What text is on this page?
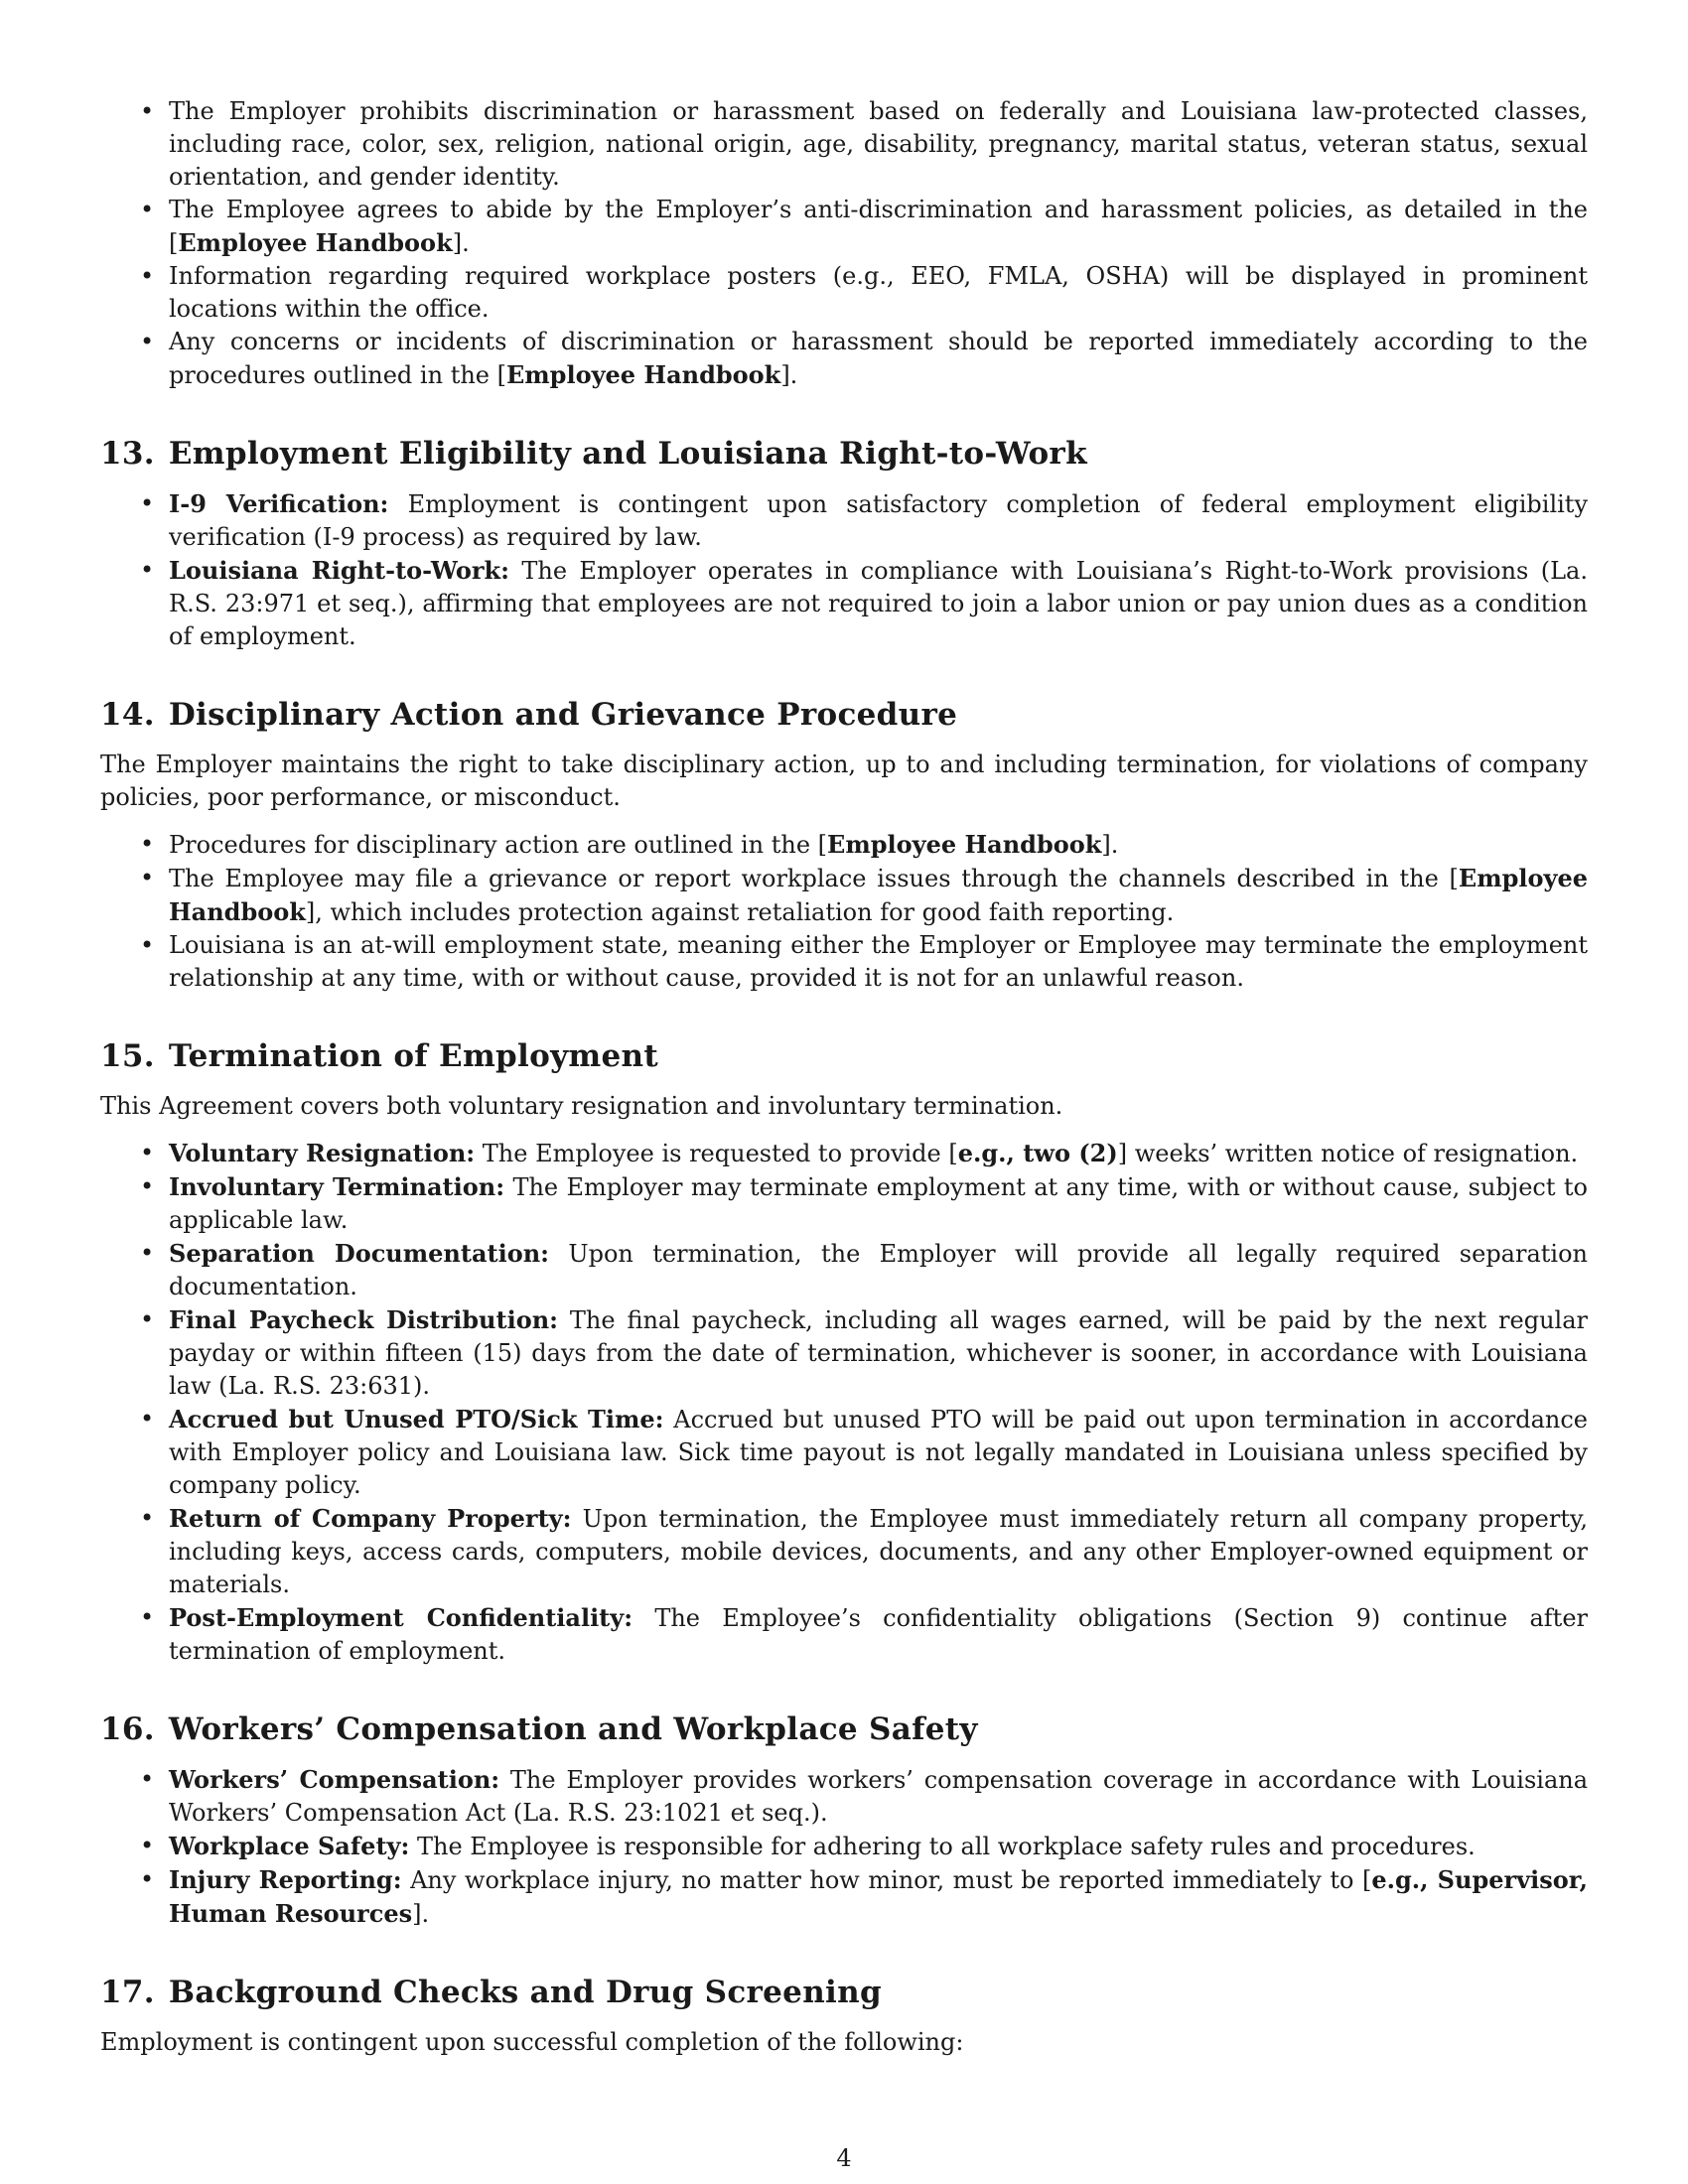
• The Employer prohibits discrimination or harassment based on federally and Louisiana law-protected classes, including race, color, sex, religion, national origin, age, disability, pregnancy, marital status, veteran status, sexual orientation, and gender identity.
• The Employee agrees to abide by the Employer’s anti-discrimination and harassment policies, as detailed in the [Employee Handbook].
• Information regarding required workplace posters (e.g., EEO, FMLA, OSHA) will be displayed in prominent locations within the office.
• Any concerns or incidents of discrimination or harassment should be reported immediately according to the procedures outlined in the [Employee Handbook].
13. Employment Eligibility and Louisiana Right-to-Work
• I-9 Verification: Employment is contingent upon satisfactory completion of federal employment eligibility verification (I-9 process) as required by law.
• Louisiana Right-to-Work: The Employer operates in compliance with Louisiana’s Right-to-Work provisions (La. R.S. 23:971 et seq.), affirming that employees are not required to join a labor union or pay union dues as a condition of employment.
14. Disciplinary Action and Grievance Procedure

The Employer maintains the right to take disciplinary action, up to and including termination, for violations of company policies, poor performance, or misconduct.

• Procedures for disciplinary action are outlined in the [Employee Handbook].
• The Employee may file a grievance or report workplace issues through the channels described in the [Employee Handbook], which includes protection against retaliation for good faith reporting.
• Louisiana is an at-will employment state, meaning either the Employer or Employee may terminate the employment relationship at any time, with or without cause, provided it is not for an unlawful reason.
15. Termination of Employment

This Agreement covers both voluntary resignation and involuntary termination.

• Voluntary Resignation: The Employee is requested to provide [e.g., two (2)] weeks’ written notice of resignation.
• Involuntary Termination: The Employer may terminate employment at any time, with or without cause, subject to applicable law.
• Separation Documentation: Upon termination, the Employer will provide all legally required separation documentation.
• Final Paycheck Distribution: The final paycheck, including all wages earned, will be paid by the next regular payday or within fifteen (15) days from the date of termination, whichever is sooner, in accordance with Louisiana law (La. R.S. 23:631).
• Accrued but Unused PTO/Sick Time: Accrued but unused PTO will be paid out upon termination in accordance with Employer policy and Louisiana law. Sick time payout is not legally mandated in Louisiana unless specified by company policy.
• Return of Company Property: Upon termination, the Employee must immediately return all company property, including keys, access cards, computers, mobile devices, documents, and any other Employer-owned equipment or materials.
• Post-Employment Confidentiality: The Employee’s confidentiality obligations (Section 9) continue after termination of employment.
16. Workers’ Compensation and Workplace Safety
• Workers’ Compensation: The Employer provides workers’ compensation coverage in accordance with Louisiana Workers’ Compensation Act (La. R.S. 23:1021 et seq.).
• Workplace Safety: The Employee is responsible for adhering to all workplace safety rules and procedures.
• Injury Reporting: Any workplace injury, no matter how minor, must be reported immediately to [e.g., Supervisor, Human Resources].
17. Background Checks and Drug Screening

Employment is contingent upon successful completion of the following:

4
